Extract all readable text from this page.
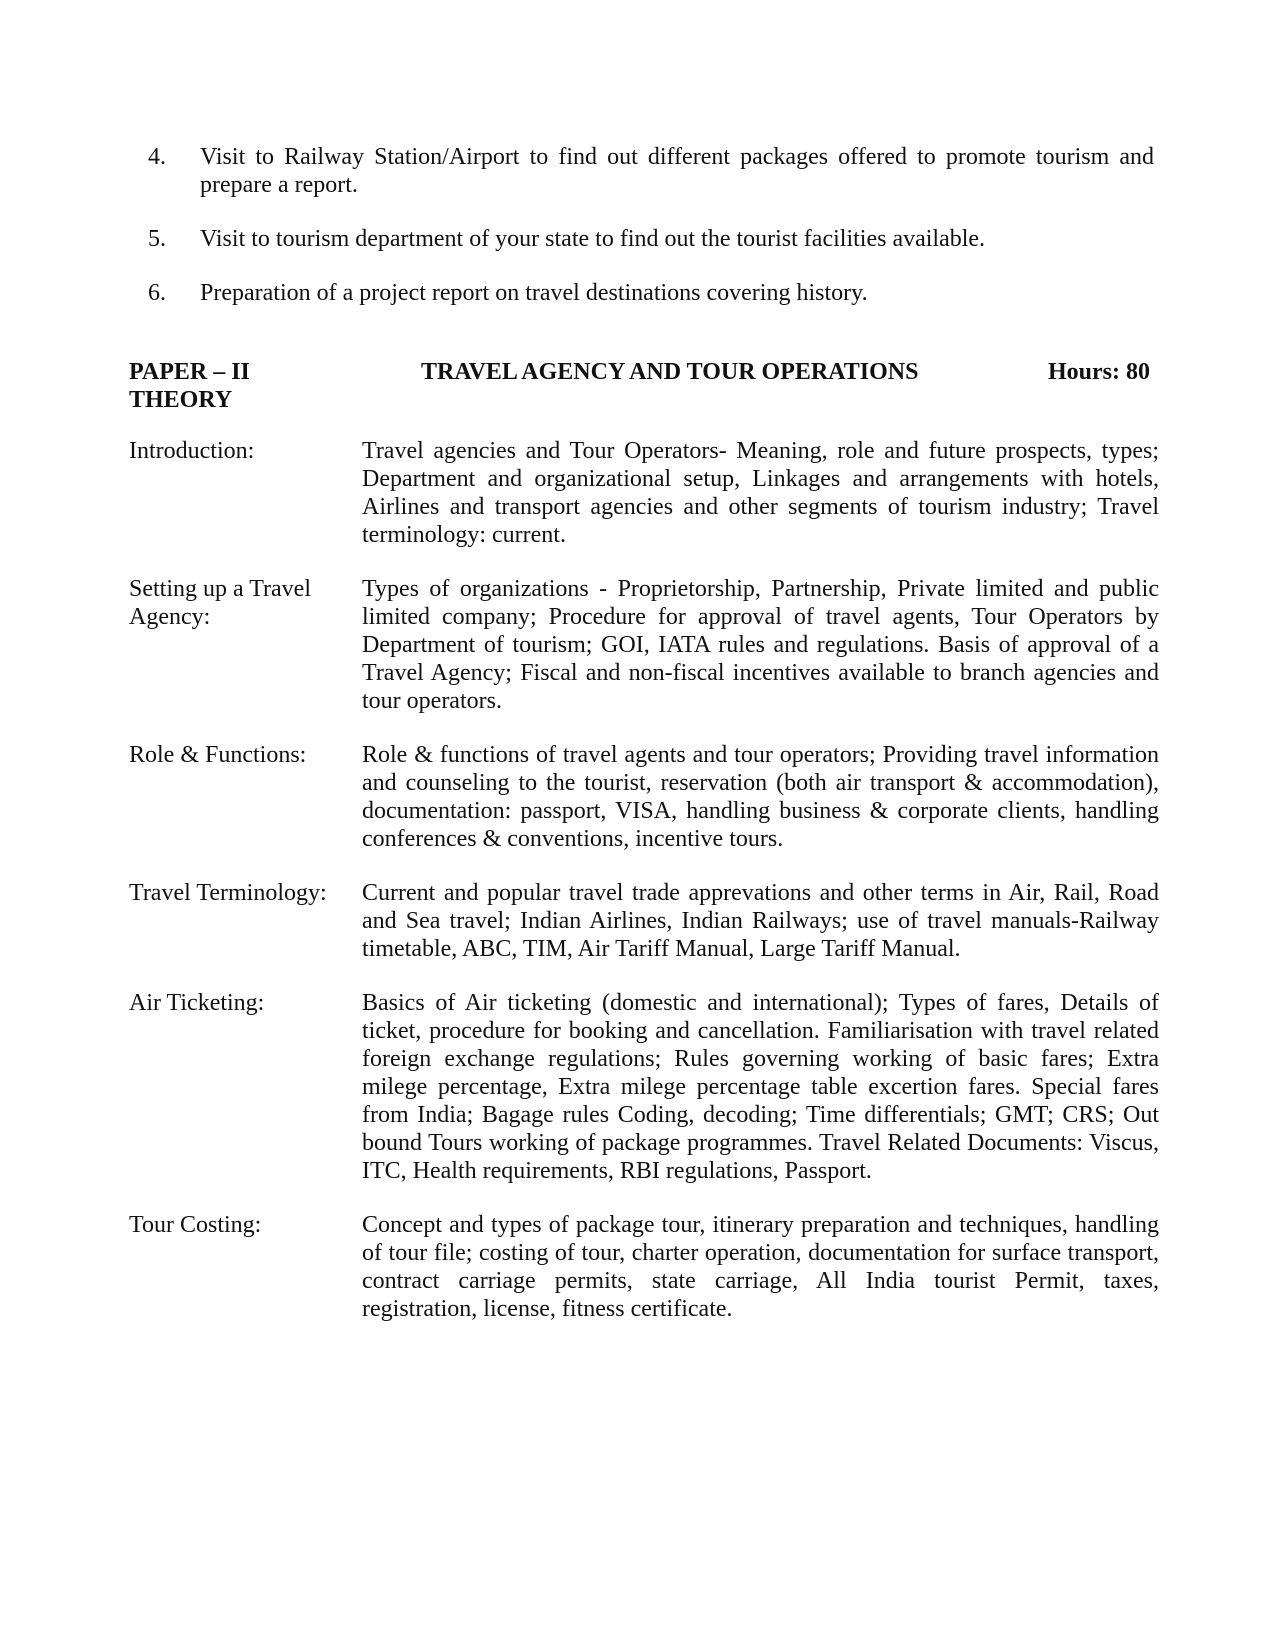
4.	Visit to Railway Station/Airport to find out different packages offered to promote tourism and prepare a report.
5.	Visit to tourism department of your state to find out the tourist facilities available.
6.	Preparation of a project report on travel destinations covering history.
PAPER – II
THEORY
TRAVEL AGENCY AND TOUR OPERATIONS	Hours: 80
Introduction:	Travel agencies and Tour Operators- Meaning, role and future prospects, types; Department and organizational setup, Linkages and arrangements with hotels, Airlines and transport agencies and other segments of tourism industry; Travel terminology: current.
Setting up a Travel Agency:
Types of organizations - Proprietorship, Partnership, Private limited and public limited company; Procedure for approval of travel agents, Tour Operators by Department of tourism; GOI, IATA rules and regulations. Basis of approval of a Travel Agency; Fiscal and non-fiscal incentives available to branch agencies and tour operators.
Role & Functions:	Role & functions of travel agents and tour operators; Providing travel information and counseling to the tourist, reservation (both air transport & accommodation), documentation: passport, VISA, handling business & corporate clients, handling conferences & conventions, incentive tours.
Travel Terminology:	Current and popular travel trade apprevations and other terms in Air, Rail, Road and Sea travel; Indian Airlines, Indian Railways; use of travel manuals-Railway timetable, ABC, TIM, Air Tariff Manual, Large Tariff Manual.
Air Ticketing:	Basics of Air ticketing (domestic and international); Types of fares, Details of ticket, procedure for booking and cancellation. Familiarisation with travel related foreign exchange regulations; Rules governing working of basic fares; Extra milege percentage, Extra milege percentage table excertion fares. Special fares from India; Bagage rules Coding, decoding; Time differentials; GMT; CRS; Out bound Tours working of package programmes. Travel Related Documents: Viscus, ITC, Health requirements, RBI regulations, Passport.
Tour Costing:	Concept and types of package tour, itinerary preparation and techniques, handling of tour file; costing of tour, charter operation, documentation for surface transport, contract carriage permits, state carriage, All India tourist Permit, taxes, registration, license, fitness certificate.
